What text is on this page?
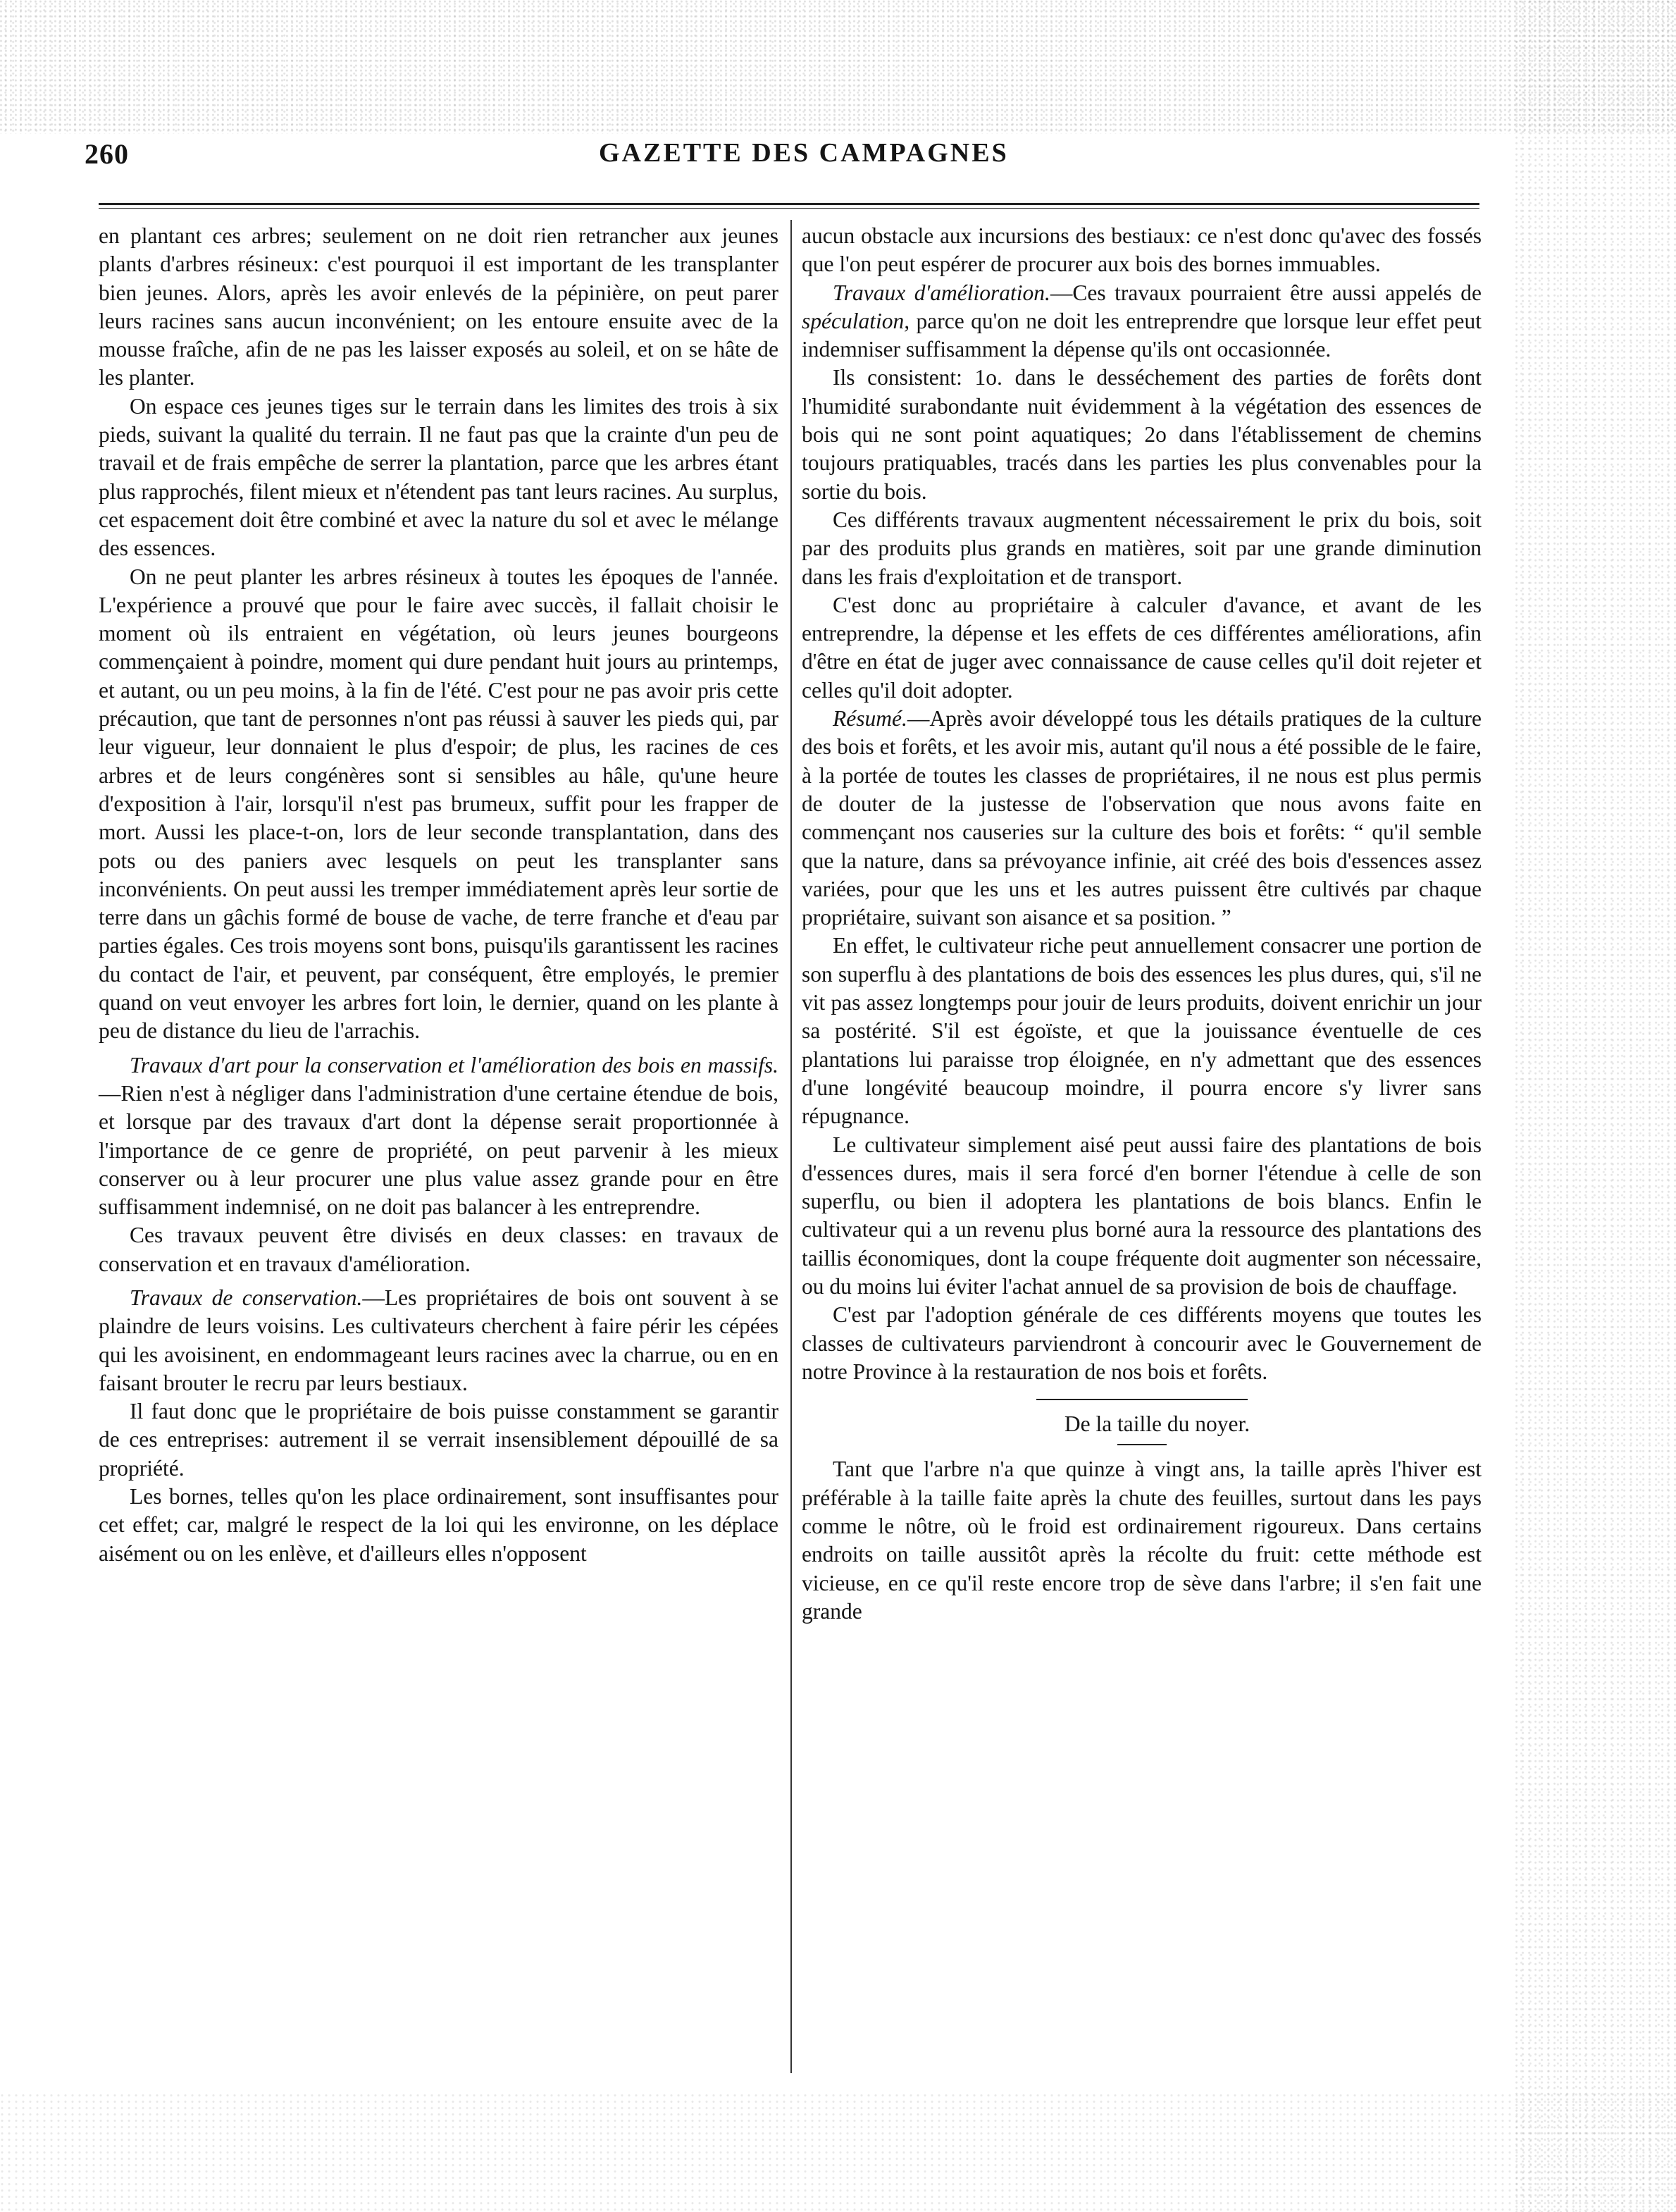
260	GAZETTE DES CAMPAGNES

en plantant ces arbres; seulement on ne doit rien retrancher aux jeunes plants d'arbres résineux: c'est pourquoi il est important de les transplanter bien jeunes. Alors, après les avoir enlevés de la pépinière, on peut parer leurs racines sans aucun inconvénient; on les entoure ensuite avec de la mousse fraîche, afin de ne pas les laisser exposés au soleil, et on se hâte de les planter.

On espace ces jeunes tiges sur le terrain dans les limites des trois à six pieds, suivant la qualité du terrain. Il ne faut pas que la crainte d'un peu de travail et de frais empêche de serrer la plantation, parce que les arbres étant plus rapprochés, filent mieux et n'étendent pas tant leurs racines. Au surplus, cet espacement doit être combiné et avec la nature du sol et avec le mélange des essences.

On ne peut planter les arbres résineux à toutes les époques de l'année. L'expérience a prouvé que pour le faire avec succès, il fallait choisir le moment où ils entraient en végétation, où leurs jeunes bourgeons commençaient à poindre, moment qui dure pendant huit jours au printemps, et autant, ou un peu moins, à la fin de l'été. C'est pour ne pas avoir pris cette précaution, que tant de personnes n'ont pas réussi à sauver les pieds qui, par leur vigueur, leur donnaient le plus d'espoir; de plus, les racines de ces arbres et de leurs congénères sont si sensibles au hâle, qu'une heure d'exposition à l'air, lorsqu'il n'est pas brumeux, suffit pour les frapper de mort. Aussi les place-t-on, lors de leur seconde transplantation, dans des pots ou des paniers avec lesquels on peut les transplanter sans inconvénients. On peut aussi les tremper immédiatement après leur sortie de terre dans un gâchis formé de bouse de vache, de terre franche et d'eau par parties égales. Ces trois moyens sont bons, puisqu'ils garantissent les racines du contact de l'air, et peuvent, par conséquent, être employés, le premier quand on veut envoyer les arbres fort loin, le dernier, quand on les plante à peu de distance du lieu de l'arrachis.

Travaux d'art pour la conservation et l'amélioration des bois en massifs.—Rien n'est à négliger dans l'administration d'une certaine étendue de bois, et lorsque par des travaux d'art dont la dépense serait proportionnée à l'importance de ce genre de propriété, on peut parvenir à les mieux conserver ou à leur procurer une plus value assez grande pour en être suffisamment indemnisé, on ne doit pas balancer à les entreprendre.

Ces travaux peuvent être divisés en deux classes: en travaux de conservation et en travaux d'amélioration.

Travaux de conservation.—Les propriétaires de bois ont souvent à se plaindre de leurs voisins. Les cultivateurs cherchent à faire périr les cépées qui les avoisinent, en endommageant leurs racines avec la charrue, ou en en faisant brouter le recru par leurs bestiaux.

Il faut donc que le propriétaire de bois puisse constamment se garantir de ces entreprises: autrement il se verrait insensiblement dépouillé de sa propriété.

Les bornes, telles qu'on les place ordinairement, sont insuffisantes pour cet effet; car, malgré le respect de la loi qui les environne, on les déplace aisément ou on les enlève, et d'ailleurs elles n'opposent

aucun obstacle aux incursions des bestiaux: ce n'est donc qu'avec des fossés que l'on peut espérer de procurer aux bois des bornes immuables.

Travaux d'amélioration.—Ces travaux pourraient être aussi appelés de spéculation, parce qu'on ne doit les entreprendre que lorsque leur effet peut indemniser suffisamment la dépense qu'ils ont occasionnée.

Ils consistent: 1o. dans le desséchement des parties de forêts dont l'humidité surabondante nuit évidemment à la végétation des essences de bois qui ne sont point aquatiques; 2o dans l'établissement de chemins toujours pratiquables, tracés dans les parties les plus convenables pour la sortie du bois.

Ces différents travaux augmentent nécessairement le prix du bois, soit par des produits plus grands en matières, soit par une grande diminution dans les frais d'exploitation et de transport.

C'est donc au propriétaire à calculer d'avance, et avant de les entreprendre, la dépense et les effets de ces différentes améliorations, afin d'être en état de juger avec connaissance de cause celles qu'il doit rejeter et celles qu'il doit adopter.

Résumé.—Après avoir développé tous les détails pratiques de la culture des bois et forêts, et les avoir mis, autant qu'il nous a été possible de le faire, à la portée de toutes les classes de propriétaires, il ne nous est plus permis de douter de la justesse de l'observation que nous avons faite en commençant nos causeries sur la culture des bois et forêts: “ qu'il semble que la nature, dans sa prévoyance infinie, ait créé des bois d'essences assez variées, pour que les uns et les autres puissent être cultivés par chaque propriétaire, suivant son aisance et sa position. ”

En effet, le cultivateur riche peut annuellement consacrer une portion de son superflu à des plantations de bois des essences les plus dures, qui, s'il ne vit pas assez longtemps pour jouir de leurs produits, doivent enrichir un jour sa postérité. S'il est égoïste, et que la jouissance éventuelle de ces plantations lui paraisse trop éloignée, en n'y admettant que des essences d'une longévité beaucoup moindre, il pourra encore s'y livrer sans répugnance.

Le cultivateur simplement aisé peut aussi faire des plantations de bois d'essences dures, mais il sera forcé d'en borner l'étendue à celle de son superflu, ou bien il adoptera les plantations de bois blancs. Enfin le cultivateur qui a un revenu plus borné aura la ressource des plantations des taillis économiques, dont la coupe fréquente doit augmenter son nécessaire, ou du moins lui éviter l'achat annuel de sa provision de bois de chauffage.

C'est par l'adoption générale de ces différents moyens que toutes les classes de cultivateurs parviendront à concourir avec le Gouvernement de notre Province à la restauration de nos bois et forêts.

De la taille du noyer.

Tant que l'arbre n'a que quinze à vingt ans, la taille après l'hiver est préférable à la taille faite après la chute des feuilles, surtout dans les pays comme le nôtre, où le froid est ordinairement rigoureux. Dans certains endroits on taille aussitôt après la récolte du fruit: cette méthode est vicieuse, en ce qu'il reste encore trop de sève dans l'arbre; il s'en fait une grande
